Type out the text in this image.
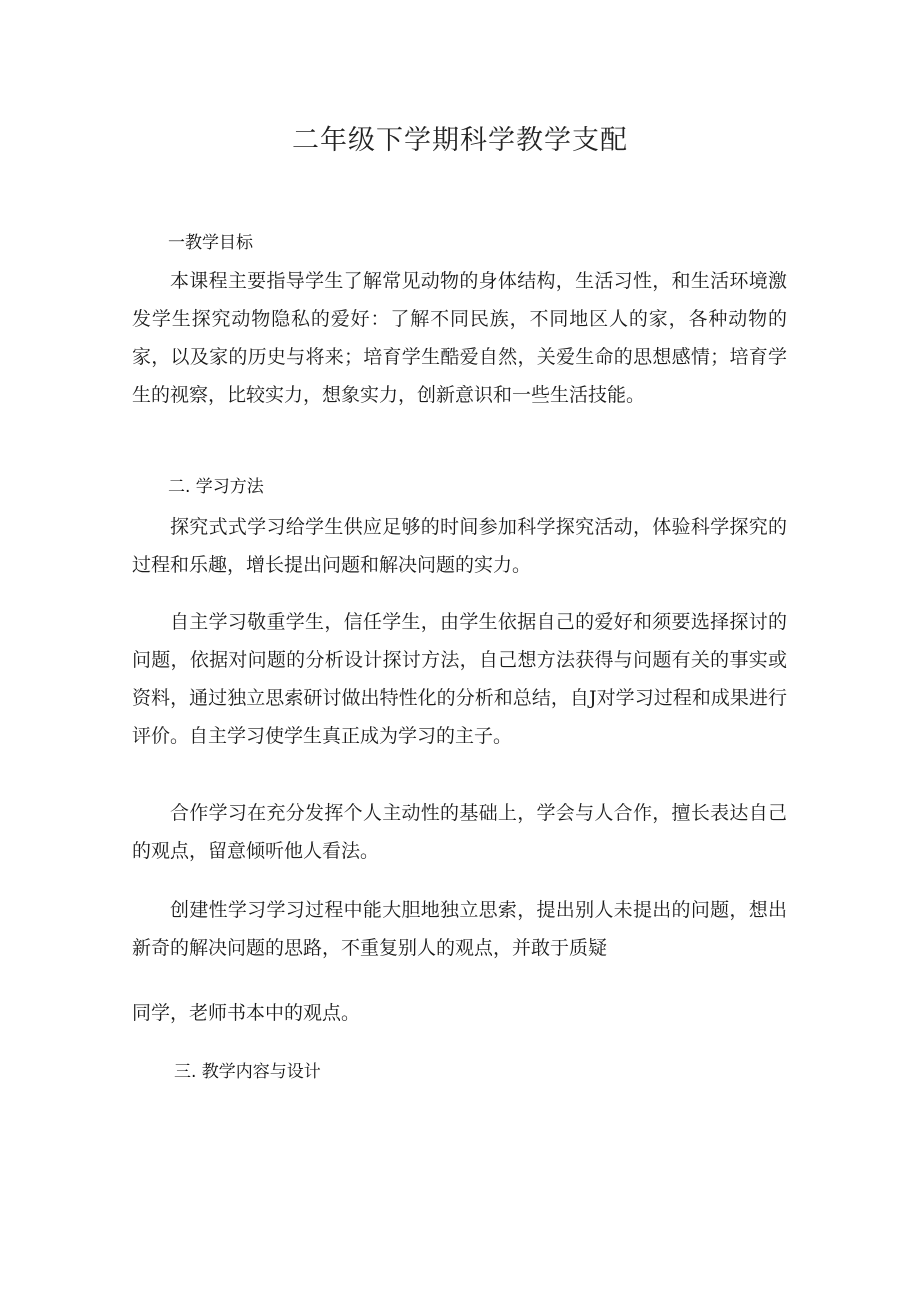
二年级下学期科学教学支配
一教学目标

本课程主要指导学生了解常见动物的身体结构，生活习性，和生活环境激发学生探究动物隐私的爱好：了解不同民族，不同地区人的家，各种动物的家，以及家的历史与将来；培育学生酷爱自然，关爱生命的思想感情；培育学生的视察，比较实力，想象实力，创新意识和一些生活技能。

二. 学习方法

探究式式学习给学生供应足够的时间参加科学探究活动，体验科学探究的过程和乐趣，增长提出问题和解决问题的实力。

自主学习敬重学生，信任学生，由学生依据自己的爱好和须要选择探讨的问题，依据对问题的分析设计探讨方法，自己想方法获得与问题有关的事实或资料，通过独立思索研讨做出特性化的分析和总结，自J对学习过程和成果进行评价。自主学习使学生真正成为学习的主子。

合作学习在充分发挥个人主动性的基础上，学会与人合作，擅长表达自己的观点，留意倾听他人看法。

创建性学习学习过程中能大胆地独立思索，提出别人未提出的问题，想出新奇的解决问题的思路，不重复别人的观点，并敢于质疑

同学，老师书本中的观点。

三. 教学内容与设计
